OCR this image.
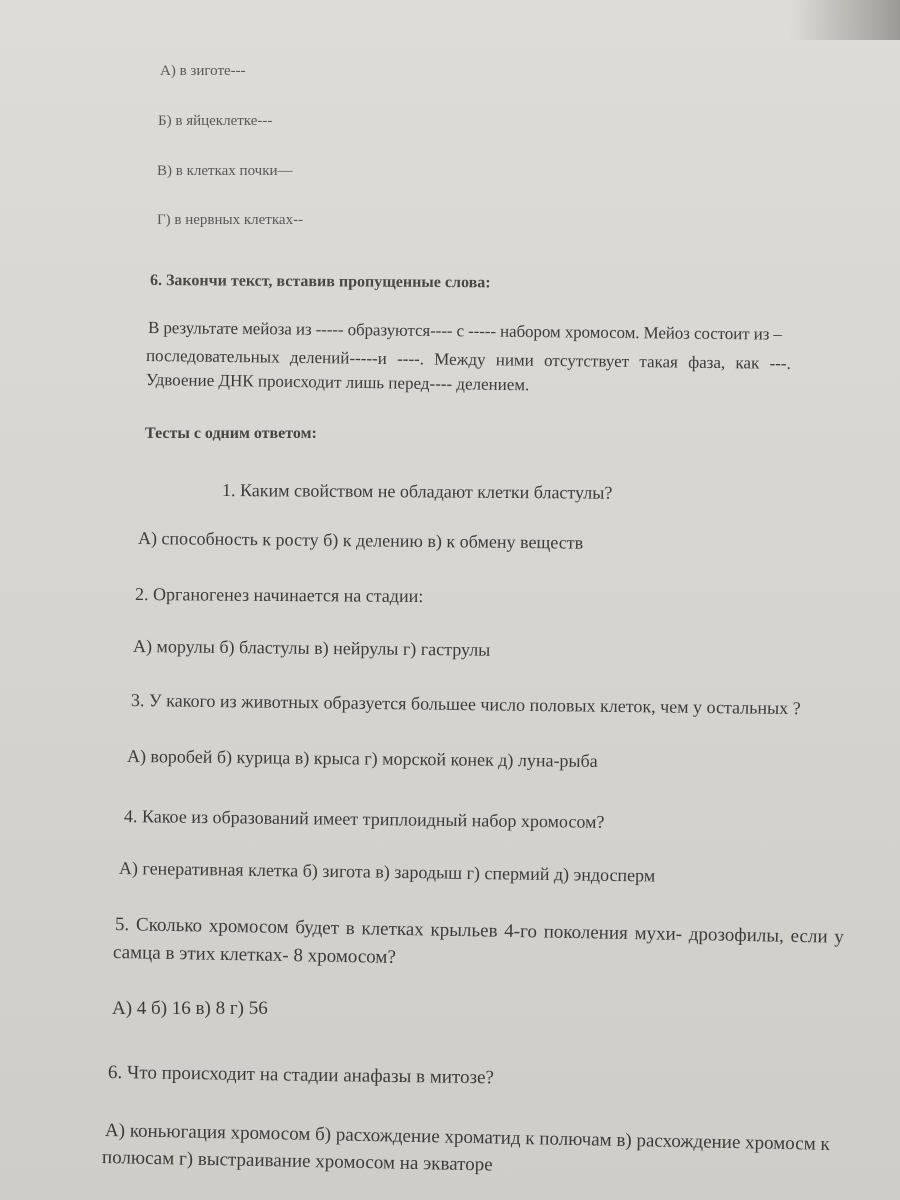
А) в зиготе---
Б) в яйцеклетке---
В) в клетках почки—
Г) в нервных клетках--
6. Закончи текст, вставив пропущенные слова:
В результате мейоза из ----- образуются---- с ----- набором хромосом. Мейоз состоит из –
последовательных делений-----и ----. Между ними отсутствует такая фаза, как ---.
Удвоение ДНК происходит лишь перед---- делением.
Тесты с одним ответом:
1. Каким свойством не обладают клетки бластулы?
А) способность к росту б) к делению в) к обмену веществ
2. Органогенез начинается на стадии:
А) морулы б) бластулы в) нейрулы г) гаструлы
3. У какого из животных образуется большее число половых клеток, чем у остальных ?
А) воробей б) курица в) крыса г) морской конек д) луна-рыба
4. Какое из образований имеет триплоидный набор хромосом?
А) генеративная клетка б) зигота в) зародыш г) спермий д) эндосперм
5. Сколько хромосом будет в клетках крыльев 4-го поколения мухи- дрозофилы, если у
самца в этих клетках- 8 хромосом?
А) 4 б) 16 в) 8 г) 56
6. Что происходит на стадии анафазы в митозе?
А) коньюгация хромосом б) расхождение хроматид к полючам в) расхождение хромосм к
полюсам г) выстраивание хромосом на экваторе
